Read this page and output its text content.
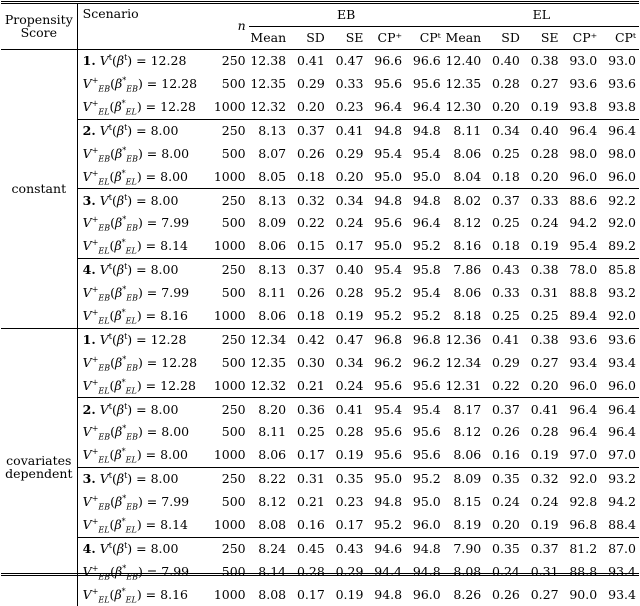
Propensity
Score	Scenario	n	EB					EL				
			Mean	SD	SE	CP⁺	CPᵗ	Mean	SD	SE	CP⁺	CPᵗ

constant	1. $V^t(\beta^t) = 12.28$	250	12.38	0.41	0.47	96.6	96.6	12.40	0.40	0.38	93.0	93.0
	$V^+_{EB}(\beta^*_{EB}) = 12.28$	500	12.35	0.29	0.33	95.6	95.6	12.35	0.28	0.27	93.6	93.6
	$V^+_{EL}(\beta^*_{EL}) = 12.28$	1000	12.32	0.20	0.23	96.4	96.4	12.30	0.20	0.19	93.8	93.8
	2. $V^t(\beta^t) = 8.00$	250	8.13	0.37	0.41	94.8	94.8	8.11	0.34	0.40	96.4	96.4
	$V^+_{EB}(\beta^*_{EB}) = 8.00$	500	8.07	0.26	0.29	95.4	95.4	8.06	0.25	0.28	98.0	98.0
	$V^+_{EL}(\beta^*_{EL}) = 8.00$	1000	8.05	0.18	0.20	95.0	95.0	8.04	0.18	0.20	96.0	96.0
	3. $V^t(\beta^t) = 8.00$	250	8.13	0.32	0.34	94.8	94.8	8.02	0.37	0.33	88.6	92.2
	$V^+_{EB}(\beta^*_{EB}) = 7.99$	500	8.09	0.22	0.24	95.6	96.4	8.12	0.25	0.24	94.2	92.0
	$V^+_{EL}(\beta^*_{EL}) = 8.14$	1000	8.06	0.15	0.17	95.0	95.2	8.16	0.18	0.19	95.4	89.2
	4. $V^t(\beta^t) = 8.00$	250	8.13	0.37	0.40	95.4	95.8	7.86	0.43	0.38	78.0	85.8
	$V^+_{EB}(\beta^*_{EB}) = 7.99$	500	8.11	0.26	0.28	95.2	95.4	8.06	0.33	0.31	88.8	93.2
	$V^+_{EL}(\beta^*_{EL}) = 8.16$	1000	8.06	0.18	0.19	95.2	95.2	8.18	0.25	0.25	89.4	92.0

covariates
dependent	1. $V^t(\beta^t) = 12.28$	250	12.34	0.42	0.47	96.8	96.8	12.36	0.41	0.38	93.6	93.6
	$V^+_{EB}(\beta^*_{EB}) = 12.28$	500	12.35	0.30	0.34	96.2	96.2	12.34	0.29	0.27	93.4	93.4
	$V^+_{EL}(\beta^*_{EL}) = 12.28$	1000	12.32	0.21	0.24	95.6	95.6	12.31	0.22	0.20	96.0	96.0
	2. $V^t(\beta^t) = 8.00$	250	8.20	0.36	0.41	95.4	95.4	8.17	0.37	0.41	96.4	96.4
	$V^+_{EB}(\beta^*_{EB}) = 8.00$	500	8.11	0.25	0.28	95.6	95.6	8.12	0.26	0.28	96.4	96.4
	$V^+_{EL}(\beta^*_{EL}) = 8.00$	1000	8.06	0.17	0.19	95.6	95.6	8.06	0.16	0.19	97.0	97.0
	3. $V^t(\beta^t) = 8.00$	250	8.22	0.31	0.35	95.0	95.2	8.09	0.35	0.32	92.0	93.2
	$V^+_{EB}(\beta^*_{EB}) = 7.99$	500	8.12	0.21	0.23	94.8	95.0	8.15	0.24	0.24	92.8	94.2
	$V^+_{EL}(\beta^*_{EL}) = 8.14$	1000	8.08	0.16	0.17	95.2	96.0	8.19	0.20	0.19	96.8	88.4
	4. $V^t(\beta^t) = 8.00$	250	8.24	0.45	0.43	94.6	94.8	7.90	0.35	0.37	81.2	87.0
	$V^+_{EB}(\beta^*_{EB}) = 7.99$	500	8.14	0.28	0.29	94.4	94.8	8.08	0.24	0.31	88.8	93.4
	$V^+_{EL}(\beta^*_{EL}) = 8.16$	1000	8.08	0.17	0.19	94.8	96.0	8.26	0.26	0.27	90.0	93.4
